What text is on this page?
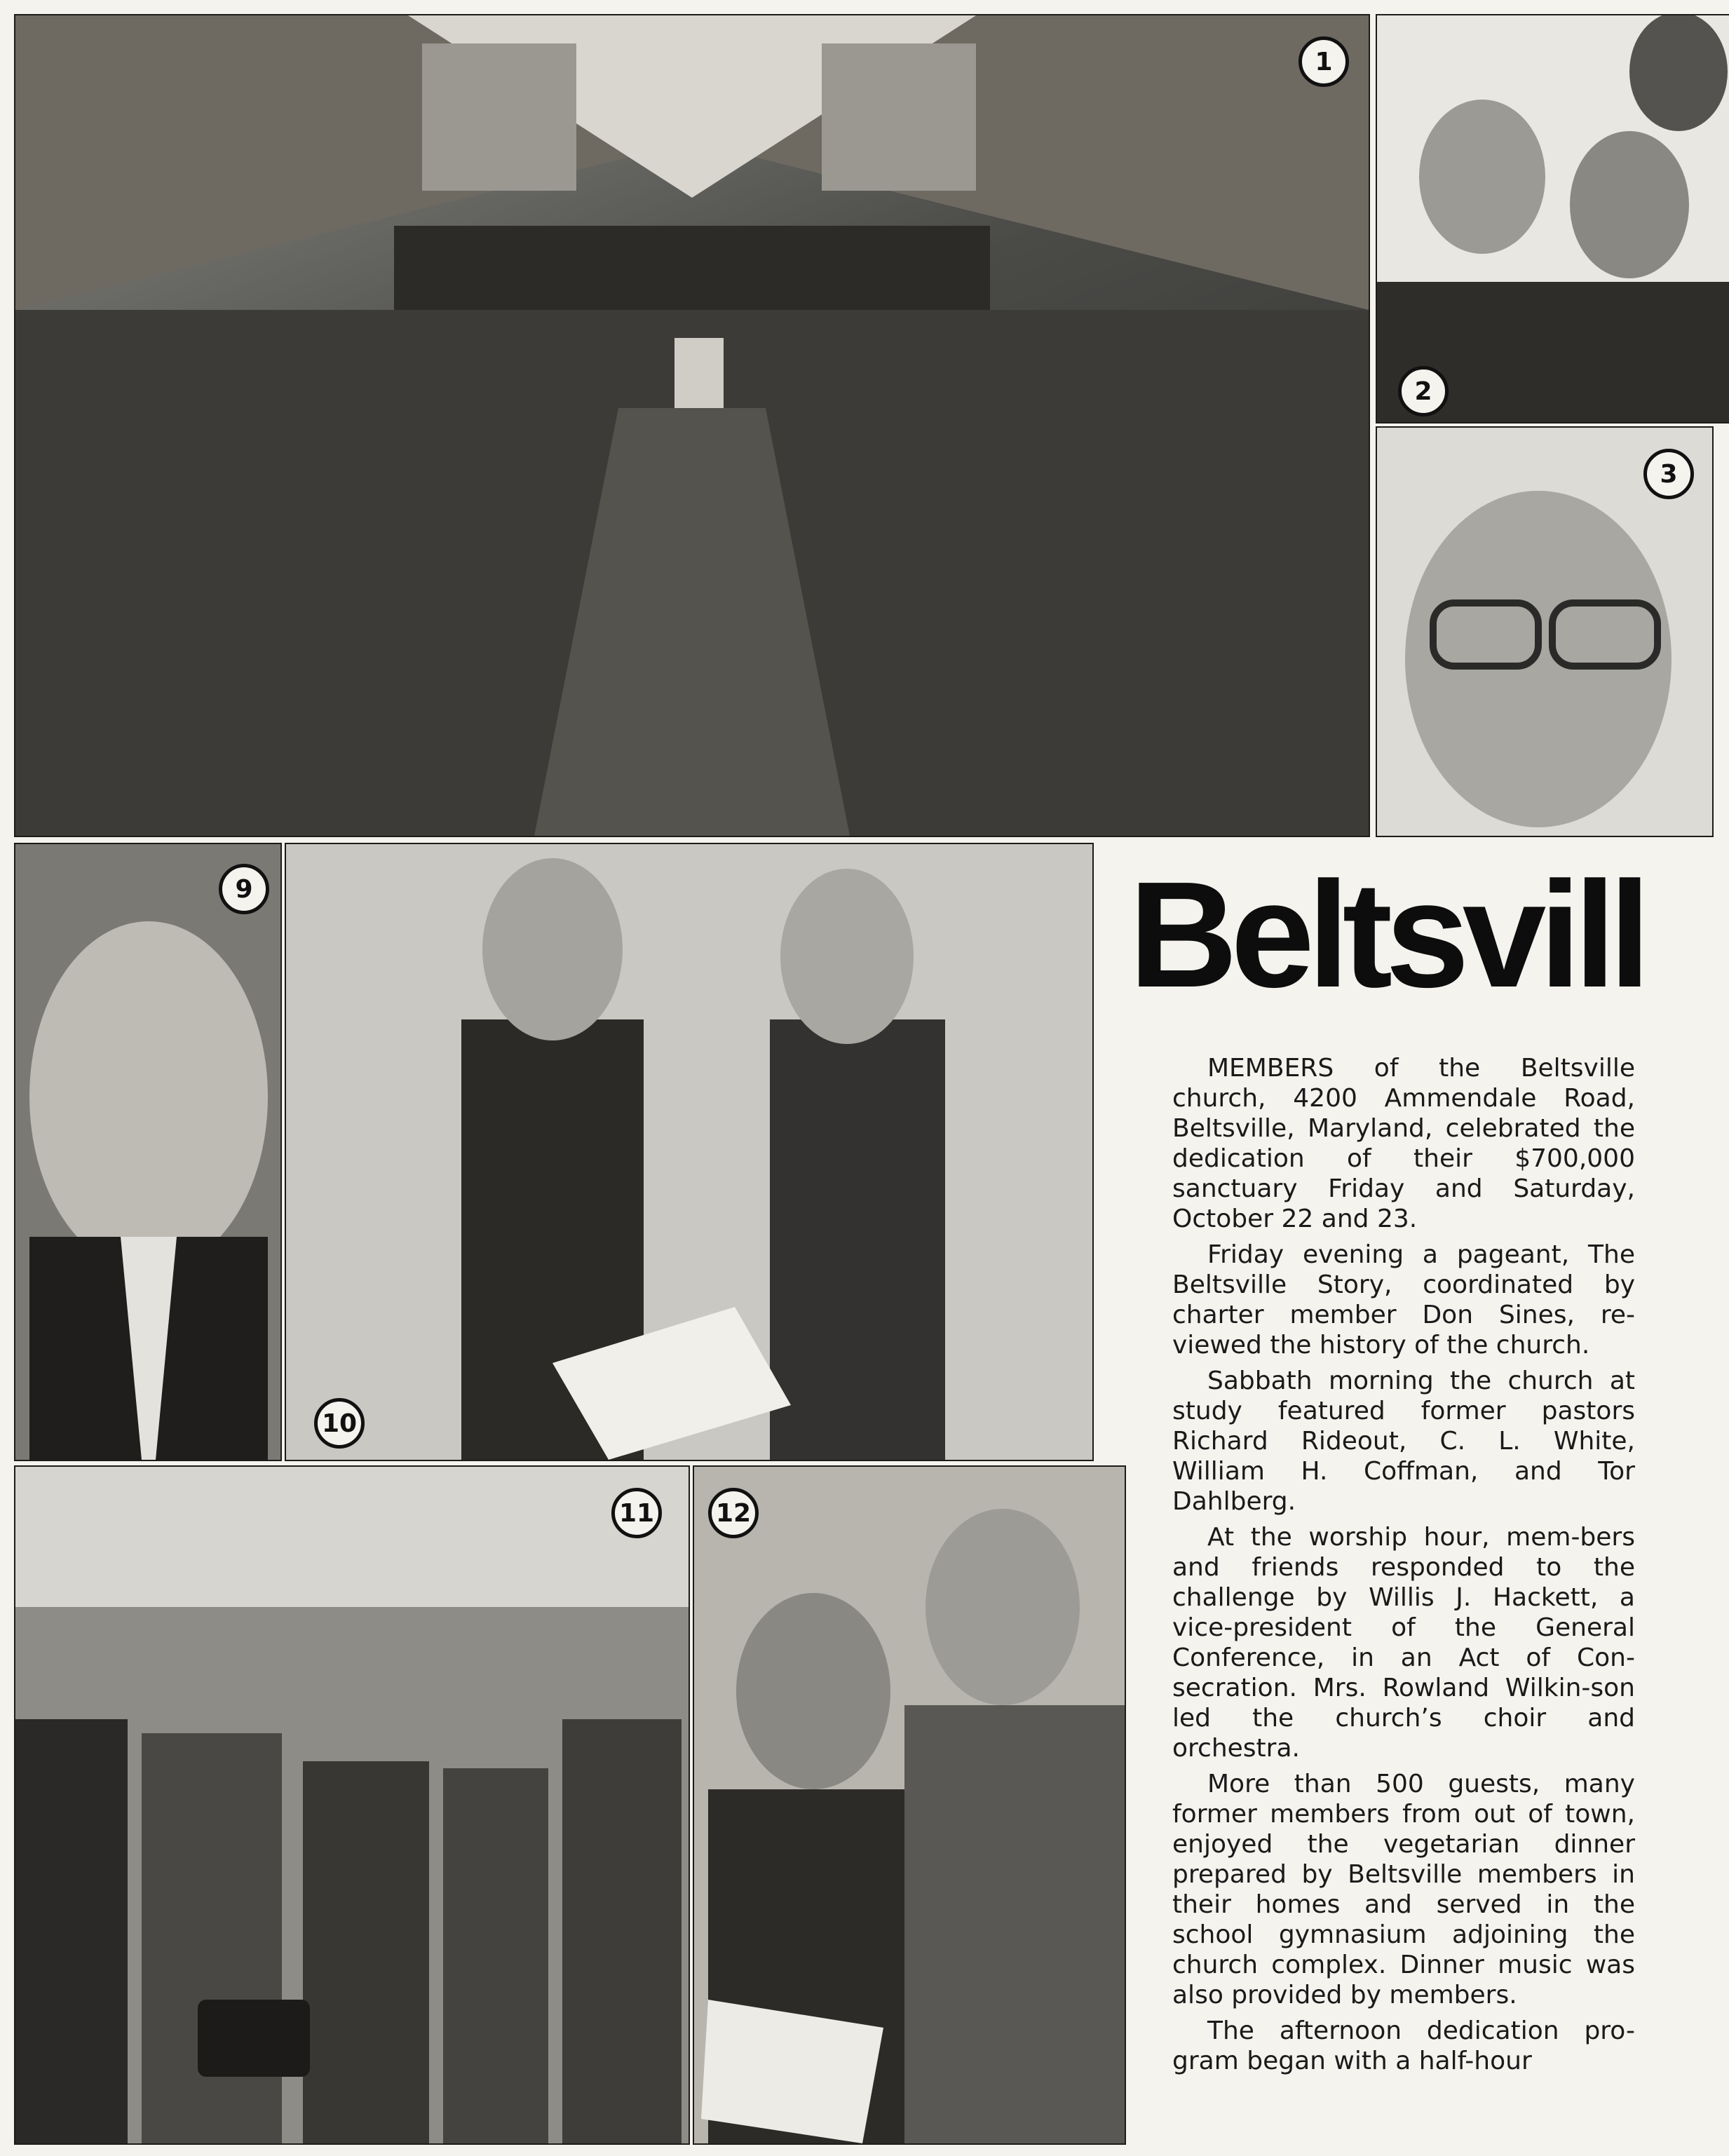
1
2
3
9
10
11	12
Beltsvill

MEMBERS of the Beltsville church, 4200 Ammendale Road, Beltsville, Maryland, celebrated the dedication of their $700,000 sanctuary Friday and Saturday, October 22 and 23.

Friday evening a pageant, The Beltsville Story, coordinated by charter member Don Sines, re-viewed the history of the church.

Sabbath morning the church at study featured former pastors Richard Rideout, C. L. White, William H. Coffman, and Tor Dahlberg.

At the worship hour, mem-bers and friends responded to the challenge by Willis J. Hackett, a vice-president of the General Conference, in an Act of Con-secration. Mrs. Rowland Wilkin-son led the church’s choir and orchestra.

More than 500 guests, many former members from out of town, enjoyed the vegetarian dinner prepared by Beltsville members in their homes and served in the school gymnasium adjoining the church complex. Dinner music was also provided by members.

The afternoon dedication pro-gram began with a half-hour
